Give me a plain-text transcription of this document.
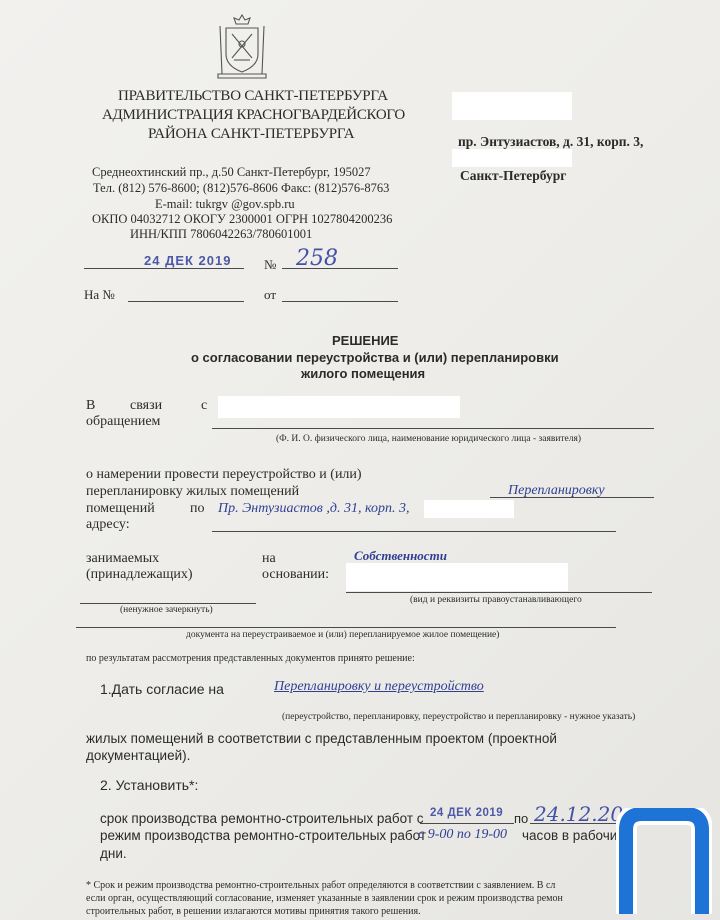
ПРАВИТЕЛЬСТВО САНКТ-ПЕТЕРБУРГА
АДМИНИСТРАЦИЯ КРАСНОГВАРДЕЙСКОГО
РАЙОНА САНКТ-ПЕТЕРБУРГА
Среднеохтинский пр., д.50 Санкт-Петербург, 195027
Тел. (812) 576-8600; (812)576-8606 Факс: (812)576-8763
E-mail: tukrgv @gov.spb.ru
ОКПО 04032712 ОКОГУ 2300001 ОГРН 1027804200236
ИНН/КПП 7806042263/780601001
24 ДЕК 2019	№ 258
На №	от
пр. Энтузиастов, д. 31, корп. 3,
Санкт-Петербург
РЕШЕНИЕ
о согласовании переустройства и (или) перепланировки
жилого помещения
В связи	с
обращением
(Ф. И. О. физического лица, наименование юридического лица - заявителя)
о намерении провести переустройство и (или)
перепланировку жилых помещений	Перепланировку
помещений	по Пр. Энтузиастов ,д. 31, корп. 3,
адресу:
занимаемых	на	Собственности
(принадлежащих)	основании:
(вид и реквизиты правоустанавливающего
(ненужное зачеркнуть)
документа на переустраиваемое и (или) перепланируемое жилое помещение)
по результатам рассмотрения представленных документов принято решение:
1.Дать согласие на	Перепланировку и переустройство
(переустройство, перепланировку, переустройство и перепланировку - нужное указать)
жилых помещений в соответствии с представленным проектом (проектной
документацией).
2. Установить*:
срок производства ремонтно-строительных работ с 24 ДЕК 2019 по 24.12.20
режим производства ремонтно-строительных работ
с 9-00 по 19-00 часов в рабочие
дни.
* Срок и режим производства ремонтно-строительных работ определяются в соответствии с заявлением. В сл
если орган, осуществляющий согласование, изменяет указанные в заявлении срок и режим производства ремон
строительных работ, в решении излагаются мотивы принятия такого решения.
